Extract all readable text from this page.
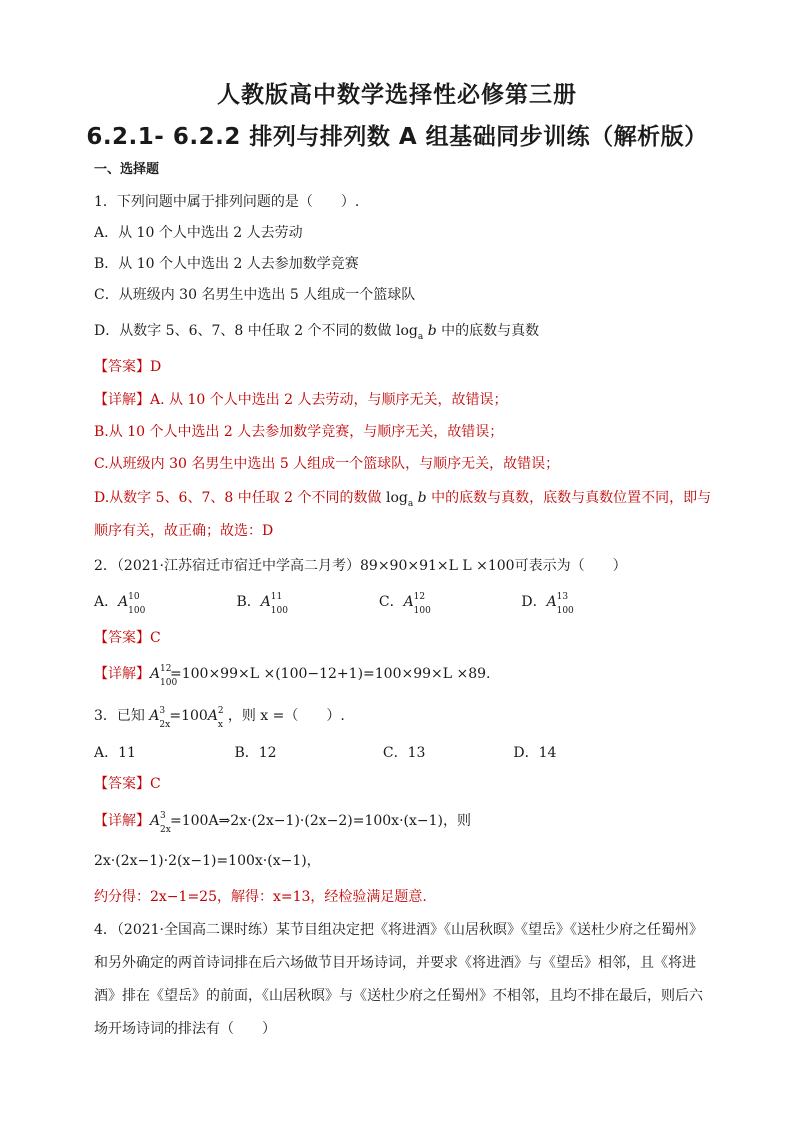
人教版高中数学选择性必修第三册
6.2.1- 6.2.2 排列与排列数 A 组基础同步训练（解析版）
一、选择题
1．下列问题中属于排列问题的是（　　）.
A．从 10 个人中选出 2 人去劳动
B．从 10 个人中选出 2 人去参加数学竞赛
C．从班级内 30 名男生中选出 5 人组成一个篮球队
D．从数字 5、6、7、8 中任取 2 个不同的数做 $\log_a b$ 中的底数与真数
【答案】D
【详解】A. 从 10 个人中选出 2 人去劳动，与顺序无关，故错误；
B.从 10 个人中选出 2 人去参加数学竞赛，与顺序无关，故错误；
C.从班级内 30 名男生中选出 5 人组成一个篮球队，与顺序无关，故错误；
D.从数字 5、6、7、8 中任取 2 个不同的数做 $\log_a b$ 中的底数与真数，底数与真数位置不同，即与
顺序有关，故正确；故选：D
2．（2021·江苏宿迁市宿迁中学高二月考）89×90×91×L L ×100可表示为（　　）
A． A 10
100
B． A 11
100
C． A 12
100
D． A 13
100
【答案】C
【详解】 A 12
100
=100×99×L ×(100−12+1)=100×99×L ×89.
3．已知 A 3
2x
=100 A 2
x
，则 x =（　　）.
A．11	B．12	C．13	D．14
【答案】C
【详解】 A 3
2x
=100A⇒2x·(2x−1)·(2x−2)=100x·(x−1)，则
2x·(2x−1)·2(x−1)=100x·(x−1)，
约分得：2x−1=25，解得：x=13，经检验满足题意.
4．（2021·全国高二课时练）某节目组决定把《将进酒》《山居秋暝》《望岳》《送杜少府之任蜀州》
和另外确定的两首诗词排在后六场做节目开场诗词，并要求《将进酒》与《望岳》相邻，且《将进
酒》排在《望岳》的前面，《山居秋暝》与《送杜少府之任蜀州》不相邻，且均不排在最后，则后六
场开场诗词的排法有（　　）
